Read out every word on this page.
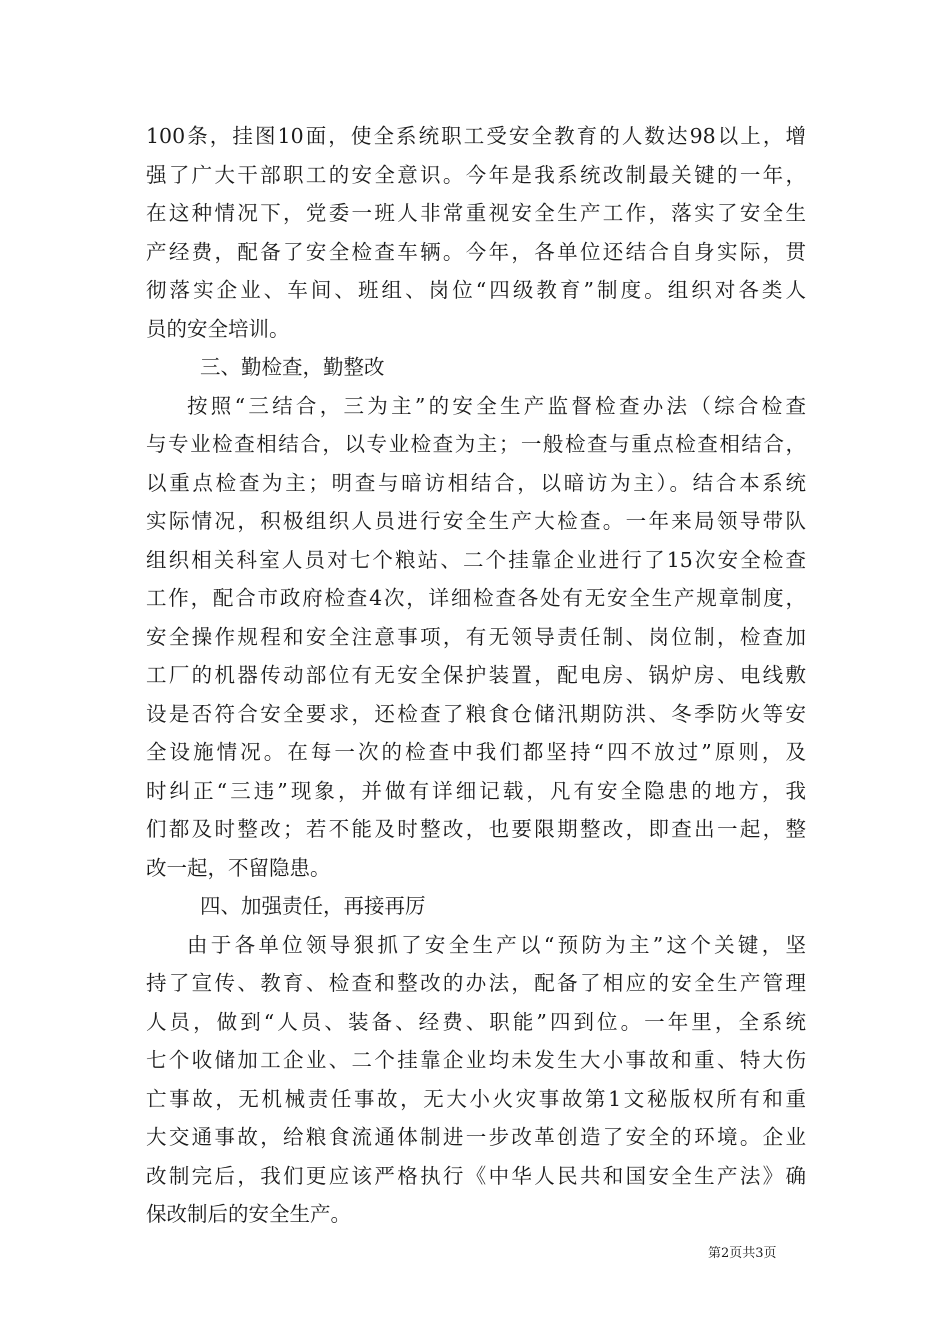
100条，挂图10面，使全系统职工受安全教育的人数达98以上，增
强了广大干部职工的安全意识。今年是我系统改制最关键的一年，
在这种情况下，党委一班人非常重视安全生产工作，落实了安全生
产经费，配备了安全检查车辆。今年，各单位还结合自身实际，贯
彻落实企业、车间、班组、岗位“四级教育”制度。组织对各类人
员的安全培训。
三、勤检查，勤整改
按照“三结合，三为主”的安全生产监督检查办法（综合检查
与专业检查相结合，以专业检查为主；一般检查与重点检查相结合，
以重点检查为主；明查与暗访相结合，以暗访为主）。结合本系统
实际情况，积极组织人员进行安全生产大检查。一年来局领导带队
组织相关科室人员对七个粮站、二个挂靠企业进行了15次安全检查
工作，配合市政府检查4次，详细检查各处有无安全生产规章制度，
安全操作规程和安全注意事项，有无领导责任制、岗位制，检查加
工厂的机器传动部位有无安全保护装置，配电房、锅炉房、电线敷
设是否符合安全要求，还检查了粮食仓储汛期防洪、冬季防火等安
全设施情况。在每一次的检查中我们都坚持“四不放过”原则，及
时纠正“三违”现象，并做有详细记载，凡有安全隐患的地方，我
们都及时整改；若不能及时整改，也要限期整改，即查出一起，整
改一起，不留隐患。
四、加强责任，再接再厉
由于各单位领导狠抓了安全生产以“预防为主”这个关键，坚
持了宣传、教育、检查和整改的办法，配备了相应的安全生产管理
人员，做到“人员、装备、经费、职能”四到位。一年里，全系统
七个收储加工企业、二个挂靠企业均未发生大小事故和重、特大伤
亡事故，无机械责任事故，无大小火灾事故第1文秘版权所有和重
大交通事故，给粮食流通体制进一步改革创造了安全的环境。企业
改制完后，我们更应该严格执行《中华人民共和国安全生产法》确
保改制后的安全生产。
第2页共3页
